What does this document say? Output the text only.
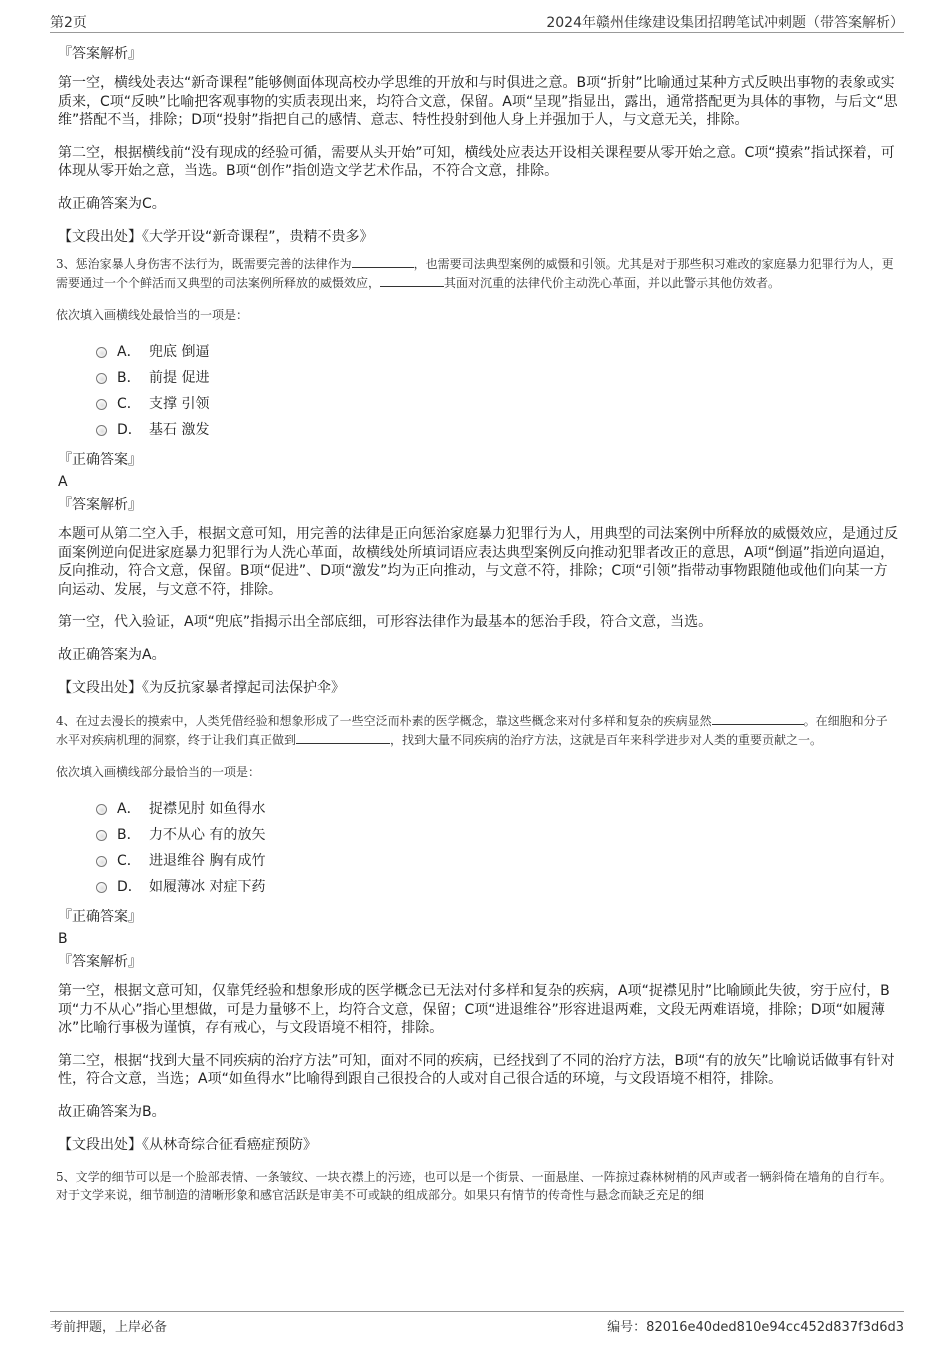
第2页	2024年赣州佳缘建设集团招聘笔试冲刺题（带答案解析）
『答案解析』

第一空，横线处表达“新奇课程”能够侧面体现高校办学思维的开放和与时俱进之意。B项“折射”比喻通过某种方式反映出事物的表象或实质来，C项“反映”比喻把客观事物的实质表现出来，均符合文意，保留。A项“呈现”指显出，露出，通常搭配更为具体的事物，与后文“思维”搭配不当，排除；D项“投射”指把自己的感情、意志、特性投射到他人身上并强加于人，与文意无关，排除。

第二空，根据横线前“没有现成的经验可循，需要从头开始”可知，横线处应表达开设相关课程要从零开始之意。C项“摸索”指试探着，可体现从零开始之意，当选。B项“创作”指创造文学艺术作品，不符合文意，排除。

故正确答案为C。

【文段出处】《大学开设“新奇课程”，贵精不贵多》

3、惩治家暴人身伤害不法行为，既需要完善的法律作为	，也需要司法典型案例的威慑和引领。尤其是对于那些积习难改的家庭暴力犯罪行为人，更需要通过一个个鲜活而又典型的司法案例所释放的威慑效应，	其面对沉重的法律代价主动洗心革面，并以此警示其他仿效者。

依次填入画横线处最恰当的一项是：

A． 兜底 倒逼
B． 前提 促进
C． 支撑 引领
D． 基石 激发
『正确答案』
A
『答案解析』

本题可从第二空入手，根据文意可知，用完善的法律是正向惩治家庭暴力犯罪行为人，用典型的司法案例中所释放的威慑效应，是通过反面案例逆向促进家庭暴力犯罪行为人洗心革面，故横线处所填词语应表达典型案例反向推动犯罪者改正的意思，A项“倒逼”指逆向逼迫，反向推动，符合文意，保留。B项“促进”、D项“激发”均为正向推动，与文意不符，排除；C项“引领”指带动事物跟随他或他们向某一方向运动、发展，与文意不符，排除。

第一空，代入验证，A项“兜底”指揭示出全部底细，可形容法律作为最基本的惩治手段，符合文意，当选。

故正确答案为A。

【文段出处】《为反抗家暴者撑起司法保护伞》

4、在过去漫长的摸索中，人类凭借经验和想象形成了一些空泛而朴素的医学概念，靠这些概念来对付多样和复杂的疾病显然	。在细胞和分子水平对疾病机理的洞察，终于让我们真正做到	，找到大量不同疾病的治疗方法，这就是百年来科学进步对人类的重要贡献之一。

依次填入画横线部分最恰当的一项是：

A． 捉襟见肘 如鱼得水
B． 力不从心 有的放矢
C． 进退维谷 胸有成竹
D． 如履薄冰 对症下药
『正确答案』
B
『答案解析』

第一空，根据文意可知，仅靠凭经验和想象形成的医学概念已无法对付多样和复杂的疾病，A项“捉襟见肘”比喻顾此失彼，穷于应付，B项“力不从心”指心里想做，可是力量够不上，均符合文意，保留；C项“进退维谷”形容进退两难，文段无两难语境，排除；D项“如履薄冰”比喻行事极为谨慎，存有戒心，与文段语境不相符，排除。

第二空，根据“找到大量不同疾病的治疗方法”可知，面对不同的疾病，已经找到了不同的治疗方法，B项“有的放矢”比喻说话做事有针对性，符合文意，当选；A项“如鱼得水”比喻得到跟自己很投合的人或对自己很合适的环境，与文段语境不相符，排除。

故正确答案为B。

【文段出处】《从林奇综合征看癌症预防》

5、文学的细节可以是一个脸部表情、一条皱纹、一块衣襟上的污迹，也可以是一个街景、一面悬崖、一阵掠过森林树梢的风声或者一辆斜倚在墙角的自行车。对于文学来说，细节制造的清晰形象和感官活跃是审美不可或缺的组成部分。如果只有情节的传奇性与悬念而缺乏充足的细

考前押题，上岸必备	编号：82016e40ded810e94cc452d837f3d6d3
